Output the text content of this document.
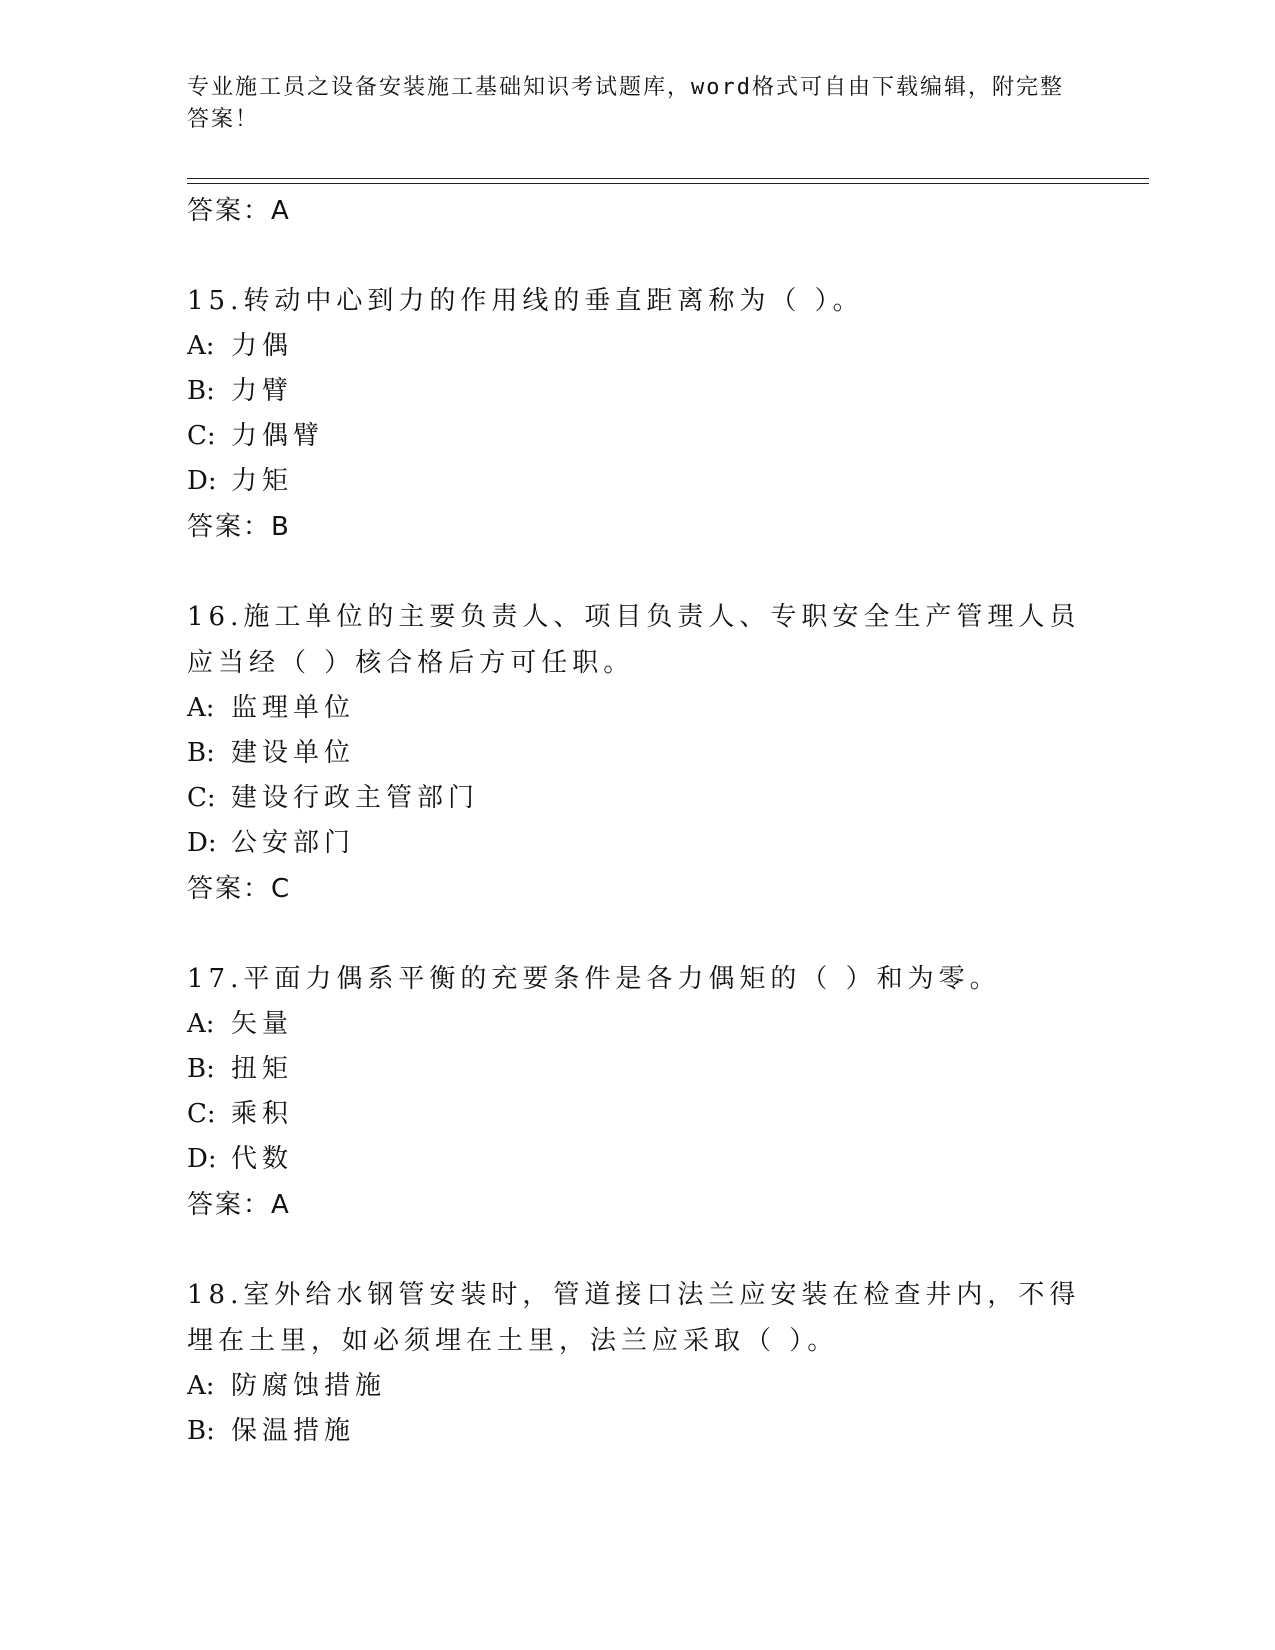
专业施工员之设备安装施工基础知识考试题库，word格式可自由下载编辑，附完整答案！

答案：A

15.转动中心到力的作用线的垂直距离称为（ ）。

A: 力偶

B: 力臂

C: 力偶臂

D: 力矩

答案：B

16.施工单位的主要负责人、项目负责人、专职安全生产管理人员应当经（ ）核合格后方可任职。

A: 监理单位

B: 建设单位

C: 建设行政主管部门

D: 公安部门

答案：C

17.平面力偶系平衡的充要条件是各力偶矩的（ ）和为零。

A: 矢量

B: 扭矩

C: 乘积

D: 代数

答案：A

18.室外给水钢管安装时，管道接口法兰应安装在检查井内，不得埋在土里，如必须埋在土里，法兰应采取（ ）。

A: 防腐蚀措施

B: 保温措施
